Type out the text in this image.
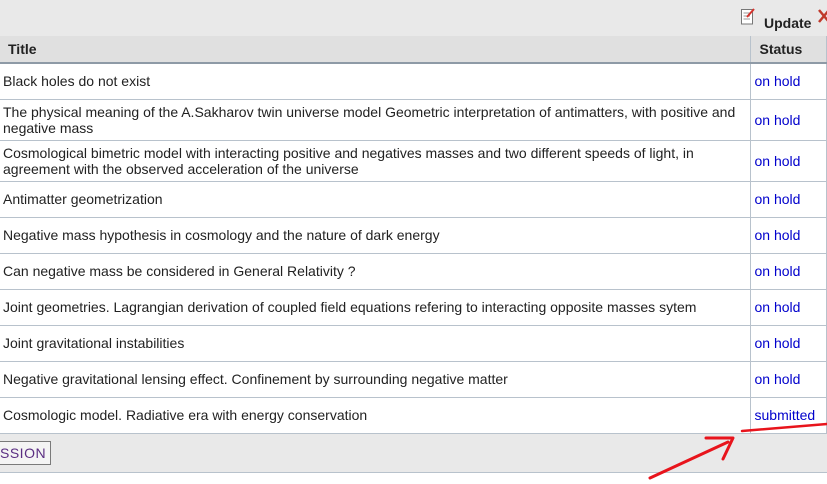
Update
Title	Status
Black holes do not exist	on hold
The physical meaning of the A.Sakharov twin universe model Geometric interpretation of antimatters, with positive and negative mass	on hold
Cosmological bimetric model with interacting positive and negatives masses and two different speeds of light, in agreement with the observed acceleration of the universe	on hold
Antimatter geometrization	on hold
Negative mass hypothesis in cosmology and the nature of dark energy	on hold
Can negative mass be considered in General Relativity ?	on hold
Joint geometries. Lagrangian derivation of coupled field equations refering to interacting opposite masses sytem	on hold
Joint gravitational instabilities	on hold
Negative gravitational lensing effect. Confinement by surrounding negative matter	on hold
Cosmologic model. Radiative era with energy conservation	submitted
SSION
